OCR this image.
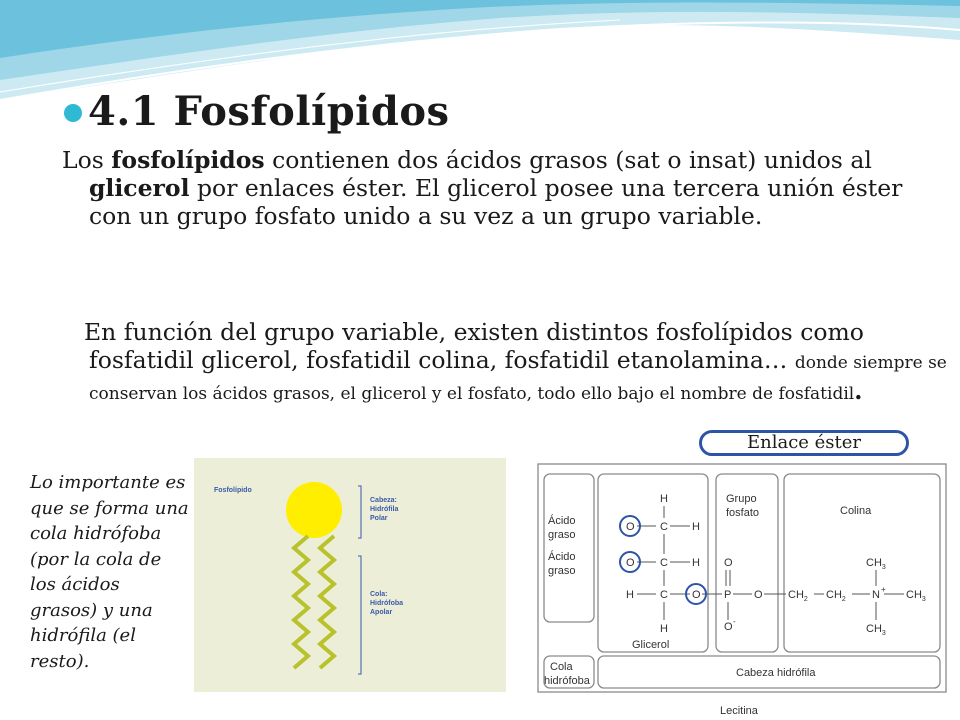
4.1 Fosfolípidos

Los fosfolípidos contienen dos ácidos grasos (sat o insat) unidos al glicerol por enlaces éster. El glicerol posee una tercera unión éster con un grupo fosfato unido a su vez a un grupo variable.

En función del grupo variable, existen distintos fosfolípidos como fosfatidil glicerol, fosfatidil colina, fosfatidil etanolamina… donde siempre se conservan los ácidos grasos, el glicerol y el fosfato, todo ello bajo el nombre de fosfatidil.

Enlace éster

Lo importante es que se forma una cola hidrófoba (por la cola de los ácidos grasos) y una hidrófila (el resto).

Fosfolípido
Cabeza:
Hidrófila
Polar
Cola:
Hidrófoba
Apolar
Ácido
graso
Ácido
graso
H
O C H
O C H
H C O
H
Glicerol
Grupo
fosfato
O
P O
O -
Colina
$CH_2$ $CH_2$ N +
$CH_3$
$CH_3$
$CH_3$
Cola
hidrófoba
Cabeza hidrófila
Lecitina
